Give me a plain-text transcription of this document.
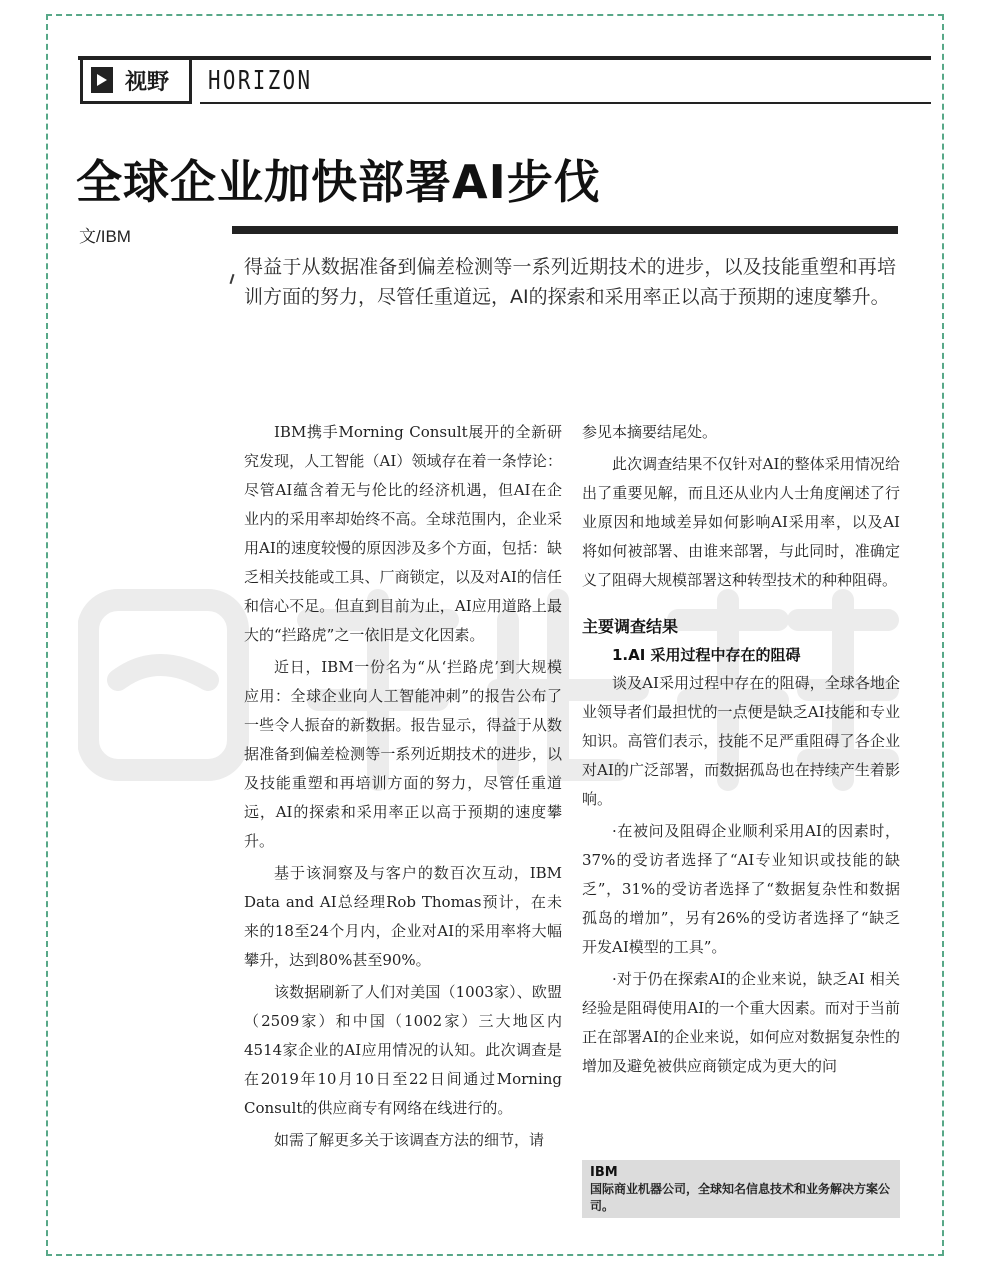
视野 HORIZON
全球企业加快部署AI步伐
文/IBM

得益于从数据准备到偏差检测等一系列近期技术的进步，以及技能重塑和再培训方面的努力，尽管任重道远，AI的探索和采用率正以高于预期的速度攀升。

IBM携手Morning Consult展开的全新研究发现，人工智能（AI）领域存在着一条悖论：尽管AI蕴含着无与伦比的经济机遇，但AI在企业内的采用率却始终不高。全球范围内，企业采用AI的速度较慢的原因涉及多个方面，包括：缺乏相关技能或工具、厂商锁定，以及对AI的信任和信心不足。但直到目前为止，AI应用道路上最大的“拦路虎”之一依旧是文化因素。

近日，IBM一份名为“从‘拦路虎’到大规模应用：全球企业向人工智能冲刺”的报告公布了一些令人振奋的新数据。报告显示，得益于从数据准备到偏差检测等一系列近期技术的进步，以及技能重塑和再培训方面的努力，尽管任重道远，AI的探索和采用率正以高于预期的速度攀升。

基于该洞察及与客户的数百次互动，IBM Data and AI总经理Rob Thomas预计，在未来的18至24个月内，企业对AI的采用率将大幅攀升，达到80%甚至90%。

该数据刷新了人们对美国（1003家）、欧盟（2509家）和中国（1002家）三大地区内4514家企业的AI应用情况的认知。此次调查是在2019年10月10日至22日间通过Morning Consult的供应商专有网络在线进行的。

如需了解更多关于该调查方法的细节，请

参见本摘要结尾处。

此次调查结果不仅针对AI的整体采用情况给出了重要见解，而且还从业内人士角度阐述了行业原因和地域差异如何影响AI采用率，以及AI将如何被部署、由谁来部署，与此同时，准确定义了阻碍大规模部署这种转型技术的种种阻碍。

主要调查结果
1.AI 采用过程中存在的阻碍

谈及AI采用过程中存在的阻碍，全球各地企业领导者们最担忧的一点便是缺乏AI技能和专业知识。高管们表示，技能不足严重阻碍了各企业对AI的广泛部署，而数据孤岛也在持续产生着影响。

·在被问及阻碍企业顺利采用AI的因素时，37%的受访者选择了“AI专业知识或技能的缺乏”，31%的受访者选择了“数据复杂性和数据孤岛的增加”，另有26%的受访者选择了“缺乏开发AI模型的工具”。

·对于仍在探索AI的企业来说，缺乏AI 相关经验是阻碍使用AI的一个重大因素。而对于当前正在部署AI的企业来说，如何应对数据复杂性的增加及避免被供应商锁定成为更大的问

IBM
国际商业机器公司，全球知名信息技术和业务解决方案公司。
